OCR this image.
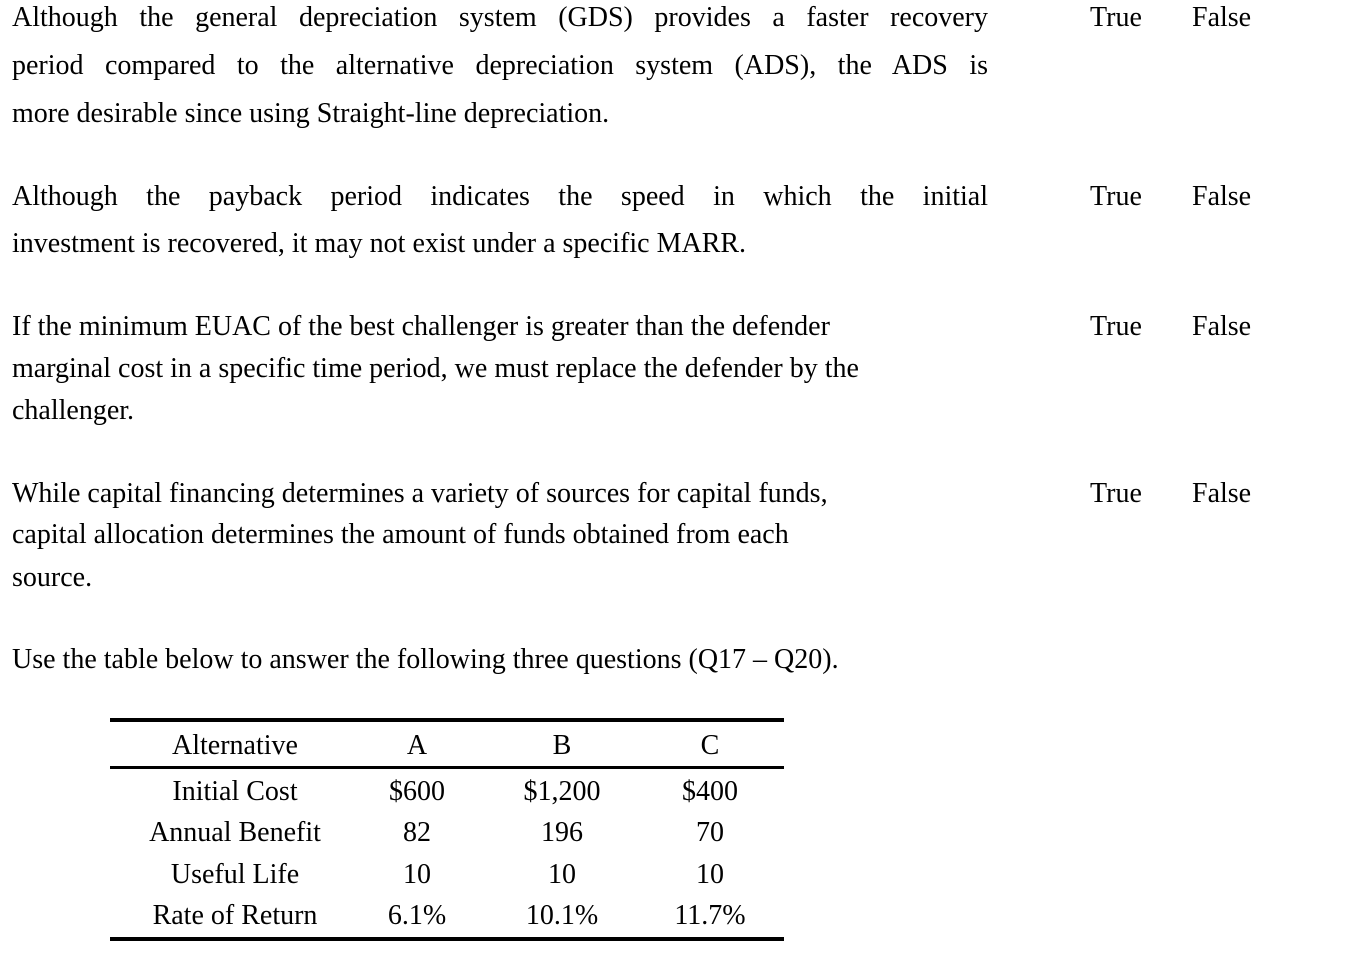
Although the general depreciation system (GDS) provides a faster recovery
period compared to the alternative depreciation system (ADS), the ADS is
more desirable since using Straight-line depreciation.
True False
Although the payback period indicates the speed in which the initial
investment is recovered, it may not exist under a specific MARR.
True False
If the minimum EUAC of the best challenger is greater than the defender
marginal cost in a specific time period, we must replace the defender by the
challenger.
True False
While capital financing determines a variety of sources for capital funds,
capital allocation determines the amount of funds obtained from each
source.
True False
Use the table below to answer the following three questions (Q17 – Q20).
Alternative	A	B	C
Initial Cost	$600	$1,200	$400
Annual Benefit	82	196	70
Useful Life	10	10	10
Rate of Return	6.1%	10.1%	11.7%
